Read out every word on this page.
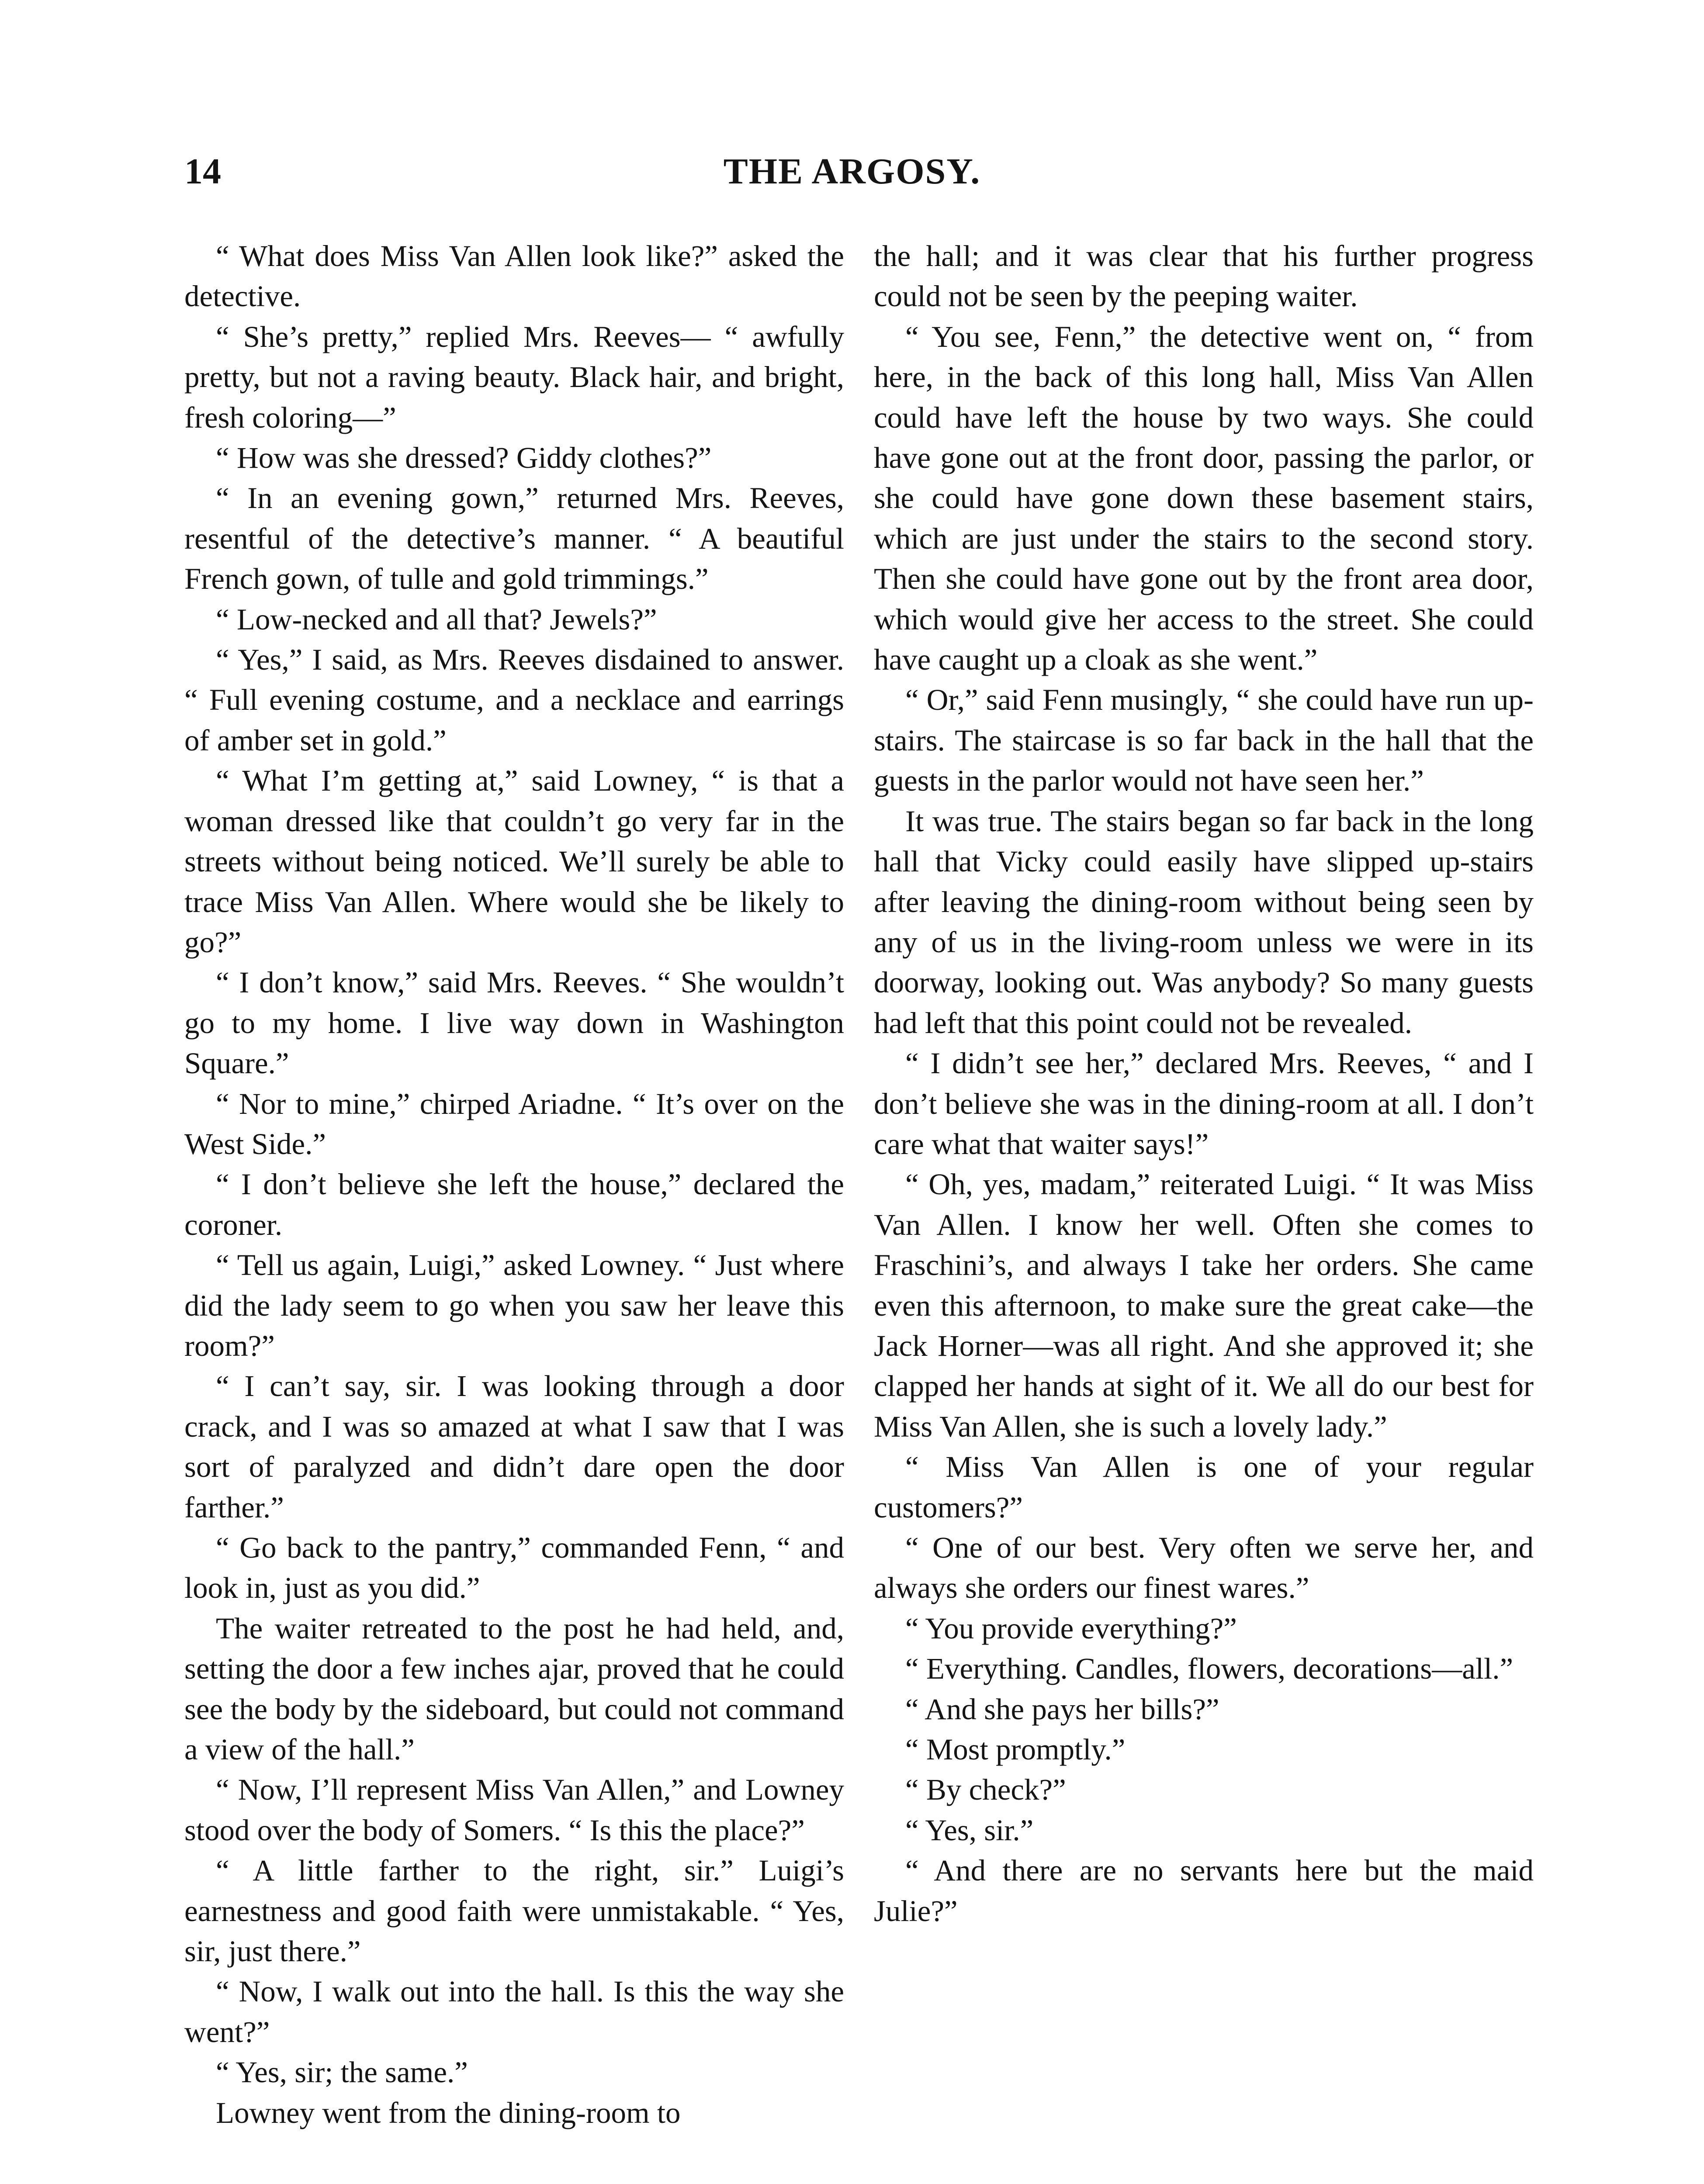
14	THE ARGOSY.

“ What does Miss Van Allen look like?” asked the detective.

“ She’s pretty,” replied Mrs. Reeves— “ awfully pretty, but not a raving beauty. Black hair, and bright, fresh coloring—”

“ How was she dressed? Giddy clothes?”

“ In an evening gown,” returned Mrs. Reeves, resentful of the detective’s manner. “ A beautiful French gown, of tulle and gold trimmings.”

“ Low-necked and all that? Jewels?”

“ Yes,” I said, as Mrs. Reeves disdained to answer. “ Full evening costume, and a necklace and earrings of amber set in gold.”

“ What I’m getting at,” said Lowney, “ is that a woman dressed like that couldn’t go very far in the streets without being noticed. We’ll surely be able to trace Miss Van Allen. Where would she be likely to go?”

“ I don’t know,” said Mrs. Reeves. “ She wouldn’t go to my home. I live way down in Washington Square.”

“ Nor to mine,” chirped Ariadne. “ It’s over on the West Side.”

“ I don’t believe she left the house,” declared the coroner.

“ Tell us again, Luigi,” asked Lowney. “ Just where did the lady seem to go when you saw her leave this room?”

“ I can’t say, sir. I was looking through a door crack, and I was so amazed at what I saw that I was sort of paralyzed and didn’t dare open the door farther.”

“ Go back to the pantry,” commanded Fenn, “ and look in, just as you did.”

The waiter retreated to the post he had held, and, setting the door a few inches ajar, proved that he could see the body by the sideboard, but could not command a view of the hall.”

“ Now, I’ll represent Miss Van Allen,” and Lowney stood over the body of Somers. “ Is this the place?”

“ A little farther to the right, sir.” Luigi’s earnestness and good faith were unmistakable. “ Yes, sir, just there.”

“ Now, I walk out into the hall. Is this the way she went?”

“ Yes, sir; the same.”

Lowney went from the dining-room to

the hall; and it was clear that his further progress could not be seen by the peeping waiter.

“ You see, Fenn,” the detective went on, “ from here, in the back of this long hall, Miss Van Allen could have left the house by two ways. She could have gone out at the front door, passing the parlor, or she could have gone down these basement stairs, which are just under the stairs to the second story. Then she could have gone out by the front area door, which would give her access to the street. She could have caught up a cloak as she went.”

“ Or,” said Fenn musingly, “ she could have run up-stairs. The staircase is so far back in the hall that the guests in the parlor would not have seen her.”

It was true. The stairs began so far back in the long hall that Vicky could easily have slipped up-stairs after leaving the dining-room without being seen by any of us in the living-room unless we were in its doorway, looking out. Was anybody? So many guests had left that this point could not be revealed.

“ I didn’t see her,” declared Mrs. Reeves, “ and I don’t believe she was in the dining-room at all. I don’t care what that waiter says!”

“ Oh, yes, madam,” reiterated Luigi. “ It was Miss Van Allen. I know her well. Often she comes to Fraschini’s, and always I take her orders. She came even this afternoon, to make sure the great cake—the Jack Horner—was all right. And she approved it; she clapped her hands at sight of it. We all do our best for Miss Van Allen, she is such a lovely lady.”

“ Miss Van Allen is one of your regular customers?”

“ One of our best. Very often we serve her, and always she orders our finest wares.”

“ You provide everything?”

“ Everything. Candles, flowers, decorations—all.”

“ And she pays her bills?”

“ Most promptly.”

“ By check?”

“ Yes, sir.”

“ And there are no servants here but the maid Julie?”
